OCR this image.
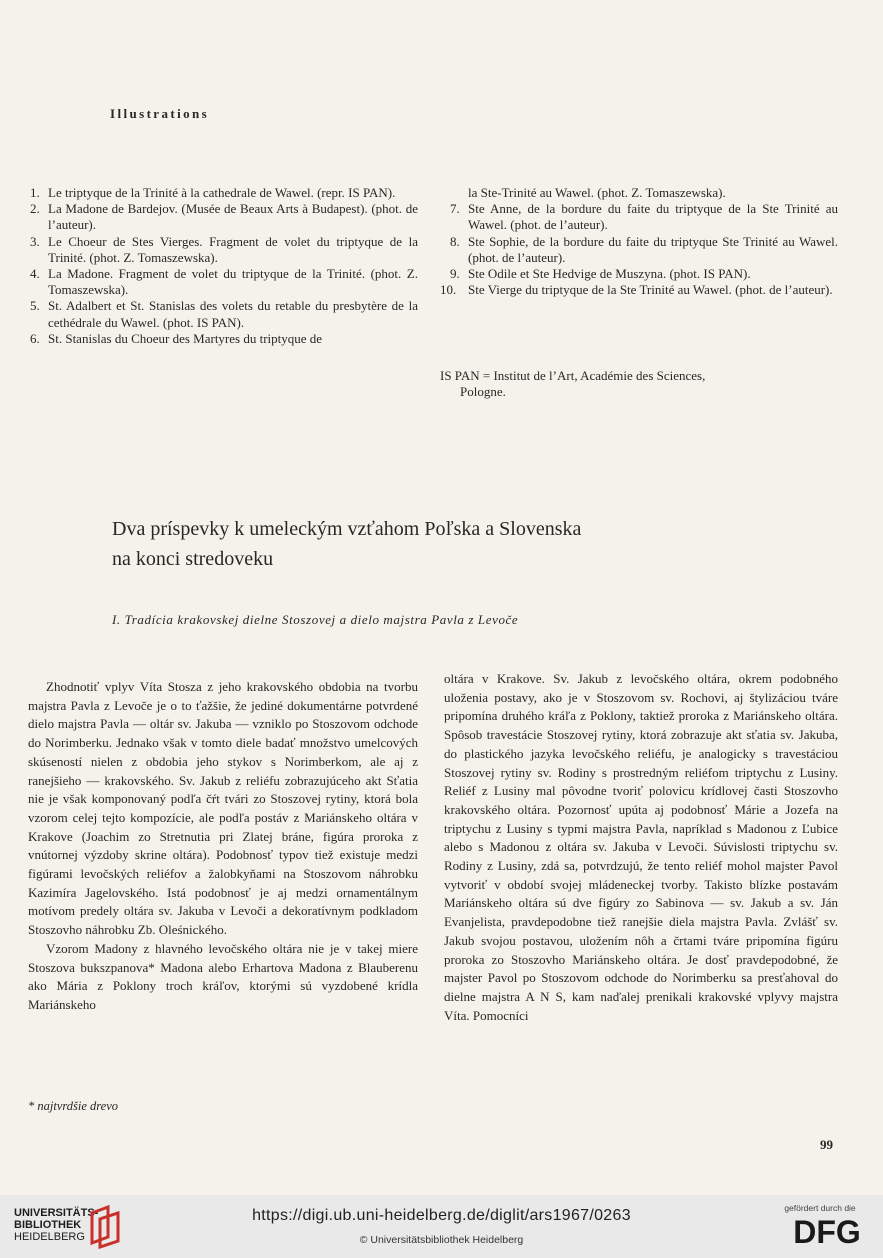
Illustrations
1. Le triptyque de la Trinité à la cathedrale de Wawel. (repr. IS PAN).
2. La Madone de Bardejov. (Musée de Beaux Arts à Budapest). (phot. de l’auteur).
3. Le Choeur de Stes Vierges. Fragment de volet du triptyque de la Trinité. (phot. Z. Tomaszewska).
4. La Madone. Fragment de volet du triptyque de la Trinité. (phot. Z. Tomaszewska).
5. St. Adalbert et St. Stanislas des volets du retable du presbytère de la cethédrale du Wawel. (phot. IS PAN).
6. St. Stanislas du Choeur des Martyres du triptyque de
la Ste-Trinité au Wawel. (phot. Z. Tomaszewska).
7. Ste Anne, de la bordure du faite du triptyque de la Ste Trinité au Wawel. (phot. de l’auteur).
8. Ste Sophie, de la bordure du faite du triptyque Ste Trinité au Wawel. (phot. de l’auteur).
9. Ste Odile et Ste Hedvige de Muszyna. (phot. IS PAN).
10. Ste Vierge du triptyque de la Ste Trinité au Wawel. (phot. de l’auteur).
IS PAN = Institut de l’Art, Académie des Sciences,
Pologne.
Dva príspevky k umeleckým vzťahom Poľska a Slovenska
na konci stredoveku
I. Tradícia krakovskej dielne Stoszovej a dielo majstra Pavla z Levoče

Zhodnotiť vplyv Víta Stosza z jeho krakovského obdobia na tvorbu majstra Pavla z Levoče je o to ťažšie, že jediné dokumentárne potvrdené dielo majstra Pavla — oltár sv. Jakuba — vzniklo po Stoszovom odchode do Norimberku. Jednako však v tomto diele badať množstvo umelcových skúseností nielen z obdobia jeho stykov s Norimberkom, ale aj z ranejšieho — krakovského. Sv. Jakub z reliéfu zobrazujúceho akt Sťatia nie je však komponovaný podľa čŕt tvári zo Stoszovej rytiny, ktorá bola vzorom celej tejto kompozície, ale podľa postáv z Mariánskeho oltára v Krakove (Joachim zo Stretnutia pri Zlatej bráne, figúra proroka z vnútornej výzdoby skrine oltára). Podobnosť typov tiež existuje medzi figúrami levočských reliéfov a žalobkyňami na Stoszovom náhrobku Kazimíra Jagelovského. Istá podobnosť je aj medzi ornamentálnym motívom predely oltára sv. Jakuba v Levoči a dekoratívnym podkladom Stoszovho náhrobku Zb. Oleśnického.

Vzorom Madony z hlavného levočského oltára nie je v takej miere Stoszova bukszpanova* Madona alebo Erhartova Madona z Blauberenu ako Mária z Poklony troch kráľov, ktorými sú vyzdobené krídla Mariánskeho

oltára v Krakove. Sv. Jakub z levočského oltára, okrem podobného uloženia postavy, ako je v Stoszovom sv. Rochovi, aj štylizáciou tváre pripomína druhého kráľa z Poklony, taktiež proroka z Mariánskeho oltára. Spôsob travestácie Stoszovej rytiny, ktorá zobrazuje akt sťatia sv. Jakuba, do plastického jazyka levočského reliéfu, je analogicky s travestáciou Stoszovej rytiny sv. Rodiny s prostredným reliéfom triptychu z Lusiny. Reliéf z Lusiny mal pôvodne tvoriť polovicu krídlovej časti Stoszovho krakovského oltára. Pozornosť upúta aj podobnosť Márie a Jozefa na triptychu z Lusiny s typmi majstra Pavla, napríklad s Madonou z Ľubice alebo s Madonou z oltára sv. Jakuba v Levoči. Súvislosti triptychu sv. Rodiny z Lusiny, zdá sa, potvrdzujú, že tento reliéf mohol majster Pavol vytvoriť v období svojej mládeneckej tvorby. Takisto blízke postavám Mariánskeho oltára sú dve figúry zo Sabinova — sv. Jakub a sv. Ján Evanjelista, pravdepodobne tiež ranejšie diela majstra Pavla. Zvlášť sv. Jakub svojou postavou, uložením nôh a črtami tváre pripomína figúru proroka zo Stoszovho Mariánskeho oltára. Je dosť pravdepodobné, že majster Pavol po Stoszovom odchode do Norimberku sa presťahoval do dielne majstra A N S, kam naďalej prenikali krakovské vplyvy majstra Víta. Pomocníci

* najtvrdšie drevo
99
UNIVERSITÄTS-
BIBLIOTHEK
HEIDELBERG
https://digi.ub.uni-heidelberg.de/diglit/ars1967/0263
© Universitätsbibliothek Heidelberg
gefördert durch die
DFG
